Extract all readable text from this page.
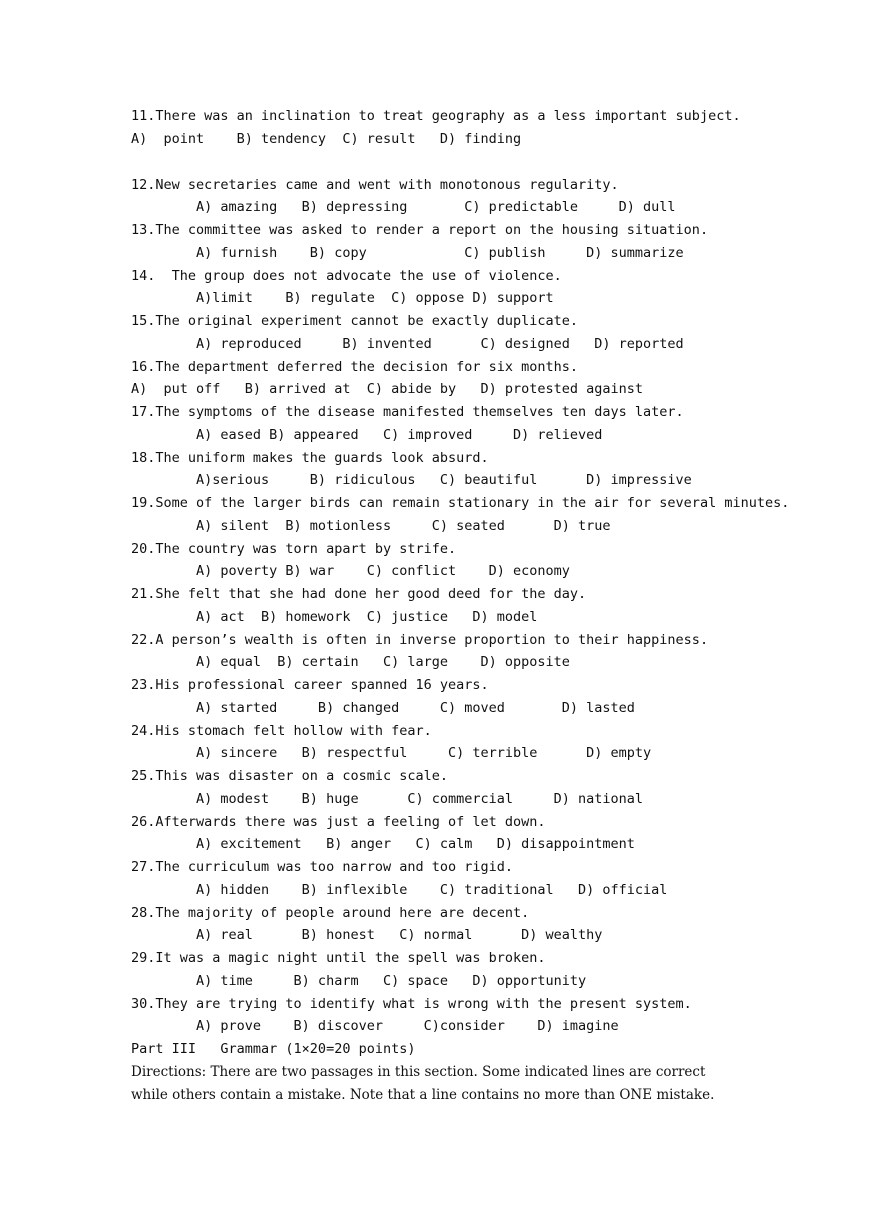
11.There was an inclination to treat geography as a less important subject.
A)  point    B) tendency  C) result   D) finding
12.New secretaries came and went with monotonous regularity.
A) amazing   B) depressing       C) predictable     D) dull
13.The committee was asked to render a report on the housing situation.
A) furnish    B) copy            C) publish     D) summarize
14.  The group does not advocate the use of violence.
A)limit    B) regulate  C) oppose D) support
15.The original experiment cannot be exactly duplicate.
A) reproduced     B) invented      C) designed   D) reported
16.The department deferred the decision for six months.
A)  put off   B) arrived at  C) abide by   D) protested against
17.The symptoms of the disease manifested themselves ten days later.
A) eased B) appeared   C) improved     D) relieved
18.The uniform makes the guards look absurd.
A)serious     B) ridiculous   C) beautiful      D) impressive
19.Some of the larger birds can remain stationary in the air for several minutes.
A) silent  B) motionless     C) seated      D) true
20.The country was torn apart by strife.
A) poverty B) war    C) conflict    D) economy
21.She felt that she had done her good deed for the day.
A) act  B) homework  C) justice   D) model
22.A person’s wealth is often in inverse proportion to their happiness.
A) equal  B) certain   C) large    D) opposite
23.His professional career spanned 16 years.
A) started     B) changed     C) moved       D) lasted
24.His stomach felt hollow with fear.
A) sincere   B) respectful     C) terrible      D) empty
25.This was disaster on a cosmic scale.
A) modest    B) huge      C) commercial     D) national
26.Afterwards there was just a feeling of let down.
A) excitement   B) anger   C) calm   D) disappointment
27.The curriculum was too narrow and too rigid.
A) hidden    B) inflexible    C) traditional   D) official
28.The majority of people around here are decent.
A) real      B) honest   C) normal      D) wealthy
29.It was a magic night until the spell was broken.
A) time     B) charm   C) space   D) opportunity
30.They are trying to identify what is wrong with the present system.
A) prove    B) discover     C)consider    D) imagine
Part III   Grammar (1×20=20 points)
Directions: There are two passages in this section. Some indicated lines are correct
while others contain a mistake. Note that a line contains no more than ONE mistake.
